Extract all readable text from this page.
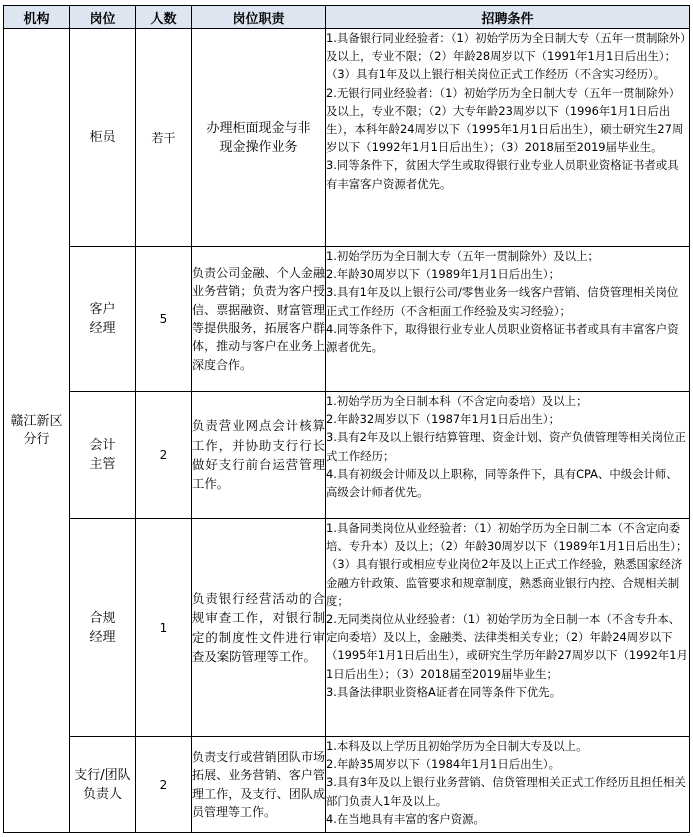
机构	岗位	人数	岗位职责	招聘条件
赣江新区分行	柜员	若干	办理柜面现金与非现金操作业务	1.具备银行同业经验者：（1）初始学历为全日制大专（五年一贯制除外）及以上，专业不限；（2）年龄28周岁以下（1991年1月1日后出生）；（3）具有1年及以上银行相关岗位正式工作经历（不含实习经历）。

2.无银行同业经验者：（1）初始学历为全日制大专（五年一贯制除外）及以上，专业不限；（2）大专年龄23周岁以下（1996年1月1日后出生），本科年龄24周岁以下（1995年1月1日后出生），硕士研究生27周岁以下（1992年1月1日后出生）；（3）2018届至2019届毕业生。

3.同等条件下，贫困大学生或取得银行业专业人员职业资格证书者或具有丰富客户资源者优先。

	客户经理	5	负责公司金融、个人金融业务营销；负责为客户授信、票据融资、财富管理等提供服务，拓展客户群体，推动与客户在业务上深度合作。	1.初始学历为全日制大专（五年一贯制除外）及以上；

2.年龄30周岁以下（1989年1月1日后出生）；

3.具有1年及以上银行公司/零售业务一线客户营销、信贷管理相关岗位正式工作经历（不含柜面工作经验及实习经验）；

4.同等条件下，取得银行业专业人员职业资格证书者或具有丰富客户资源者优先。

	会计主管	2	负责营业网点会计核算工作，并协助支行行长做好支行前台运营管理工作。	1.初始学历为全日制本科（不含定向委培）及以上；

2.年龄32周岁以下（1987年1月1日后出生）；

3.具有2年及以上银行结算管理、资金计划、资产负债管理等相关岗位正式工作经历；

4.具有初级会计师及以上职称，同等条件下，具有CPA、中级会计师、高级会计师者优先。

	合规经理	1	负责银行经营活动的合规审查工作，对银行制定的制度性文件进行审查及案防管理等工作。	1.具备同类岗位从业经验者：（1）初始学历为全日制二本（不含定向委培、专升本）及以上；（2）年龄30周岁以下（1989年1月1日后出生）；（3）具有银行或相应专业岗位2年及以上正式工作经验，熟悉国家经济金融方针政策、监管要求和规章制度，熟悉商业银行内控、合规相关制度；

2.无同类岗位从业经验者：（1）初始学历为全日制一本（不含专升本、定向委培）及以上，金融类、法律类相关专业；（2）年龄24周岁以下（1995年1月1日后出生），或研究生学历年龄27周岁以下（1992年1月1日后出生）；（3）2018届至2019届毕业生；

3.具备法律职业资格A证者在同等条件下优先。

	支行/团队负责人	2	负责支行或营销团队市场拓展、业务营销、客户管理工作，及支行、团队成员管理等工作。	1.本科及以上学历且初始学历为全日制大专及以上。

2.年龄35周岁以下（1984年1月1日后出生）。

3.具有3年及以上银行业务营销、信贷管理相关正式工作经历且担任相关部门负责人1年及以上。

4.在当地具有丰富的客户资源。
